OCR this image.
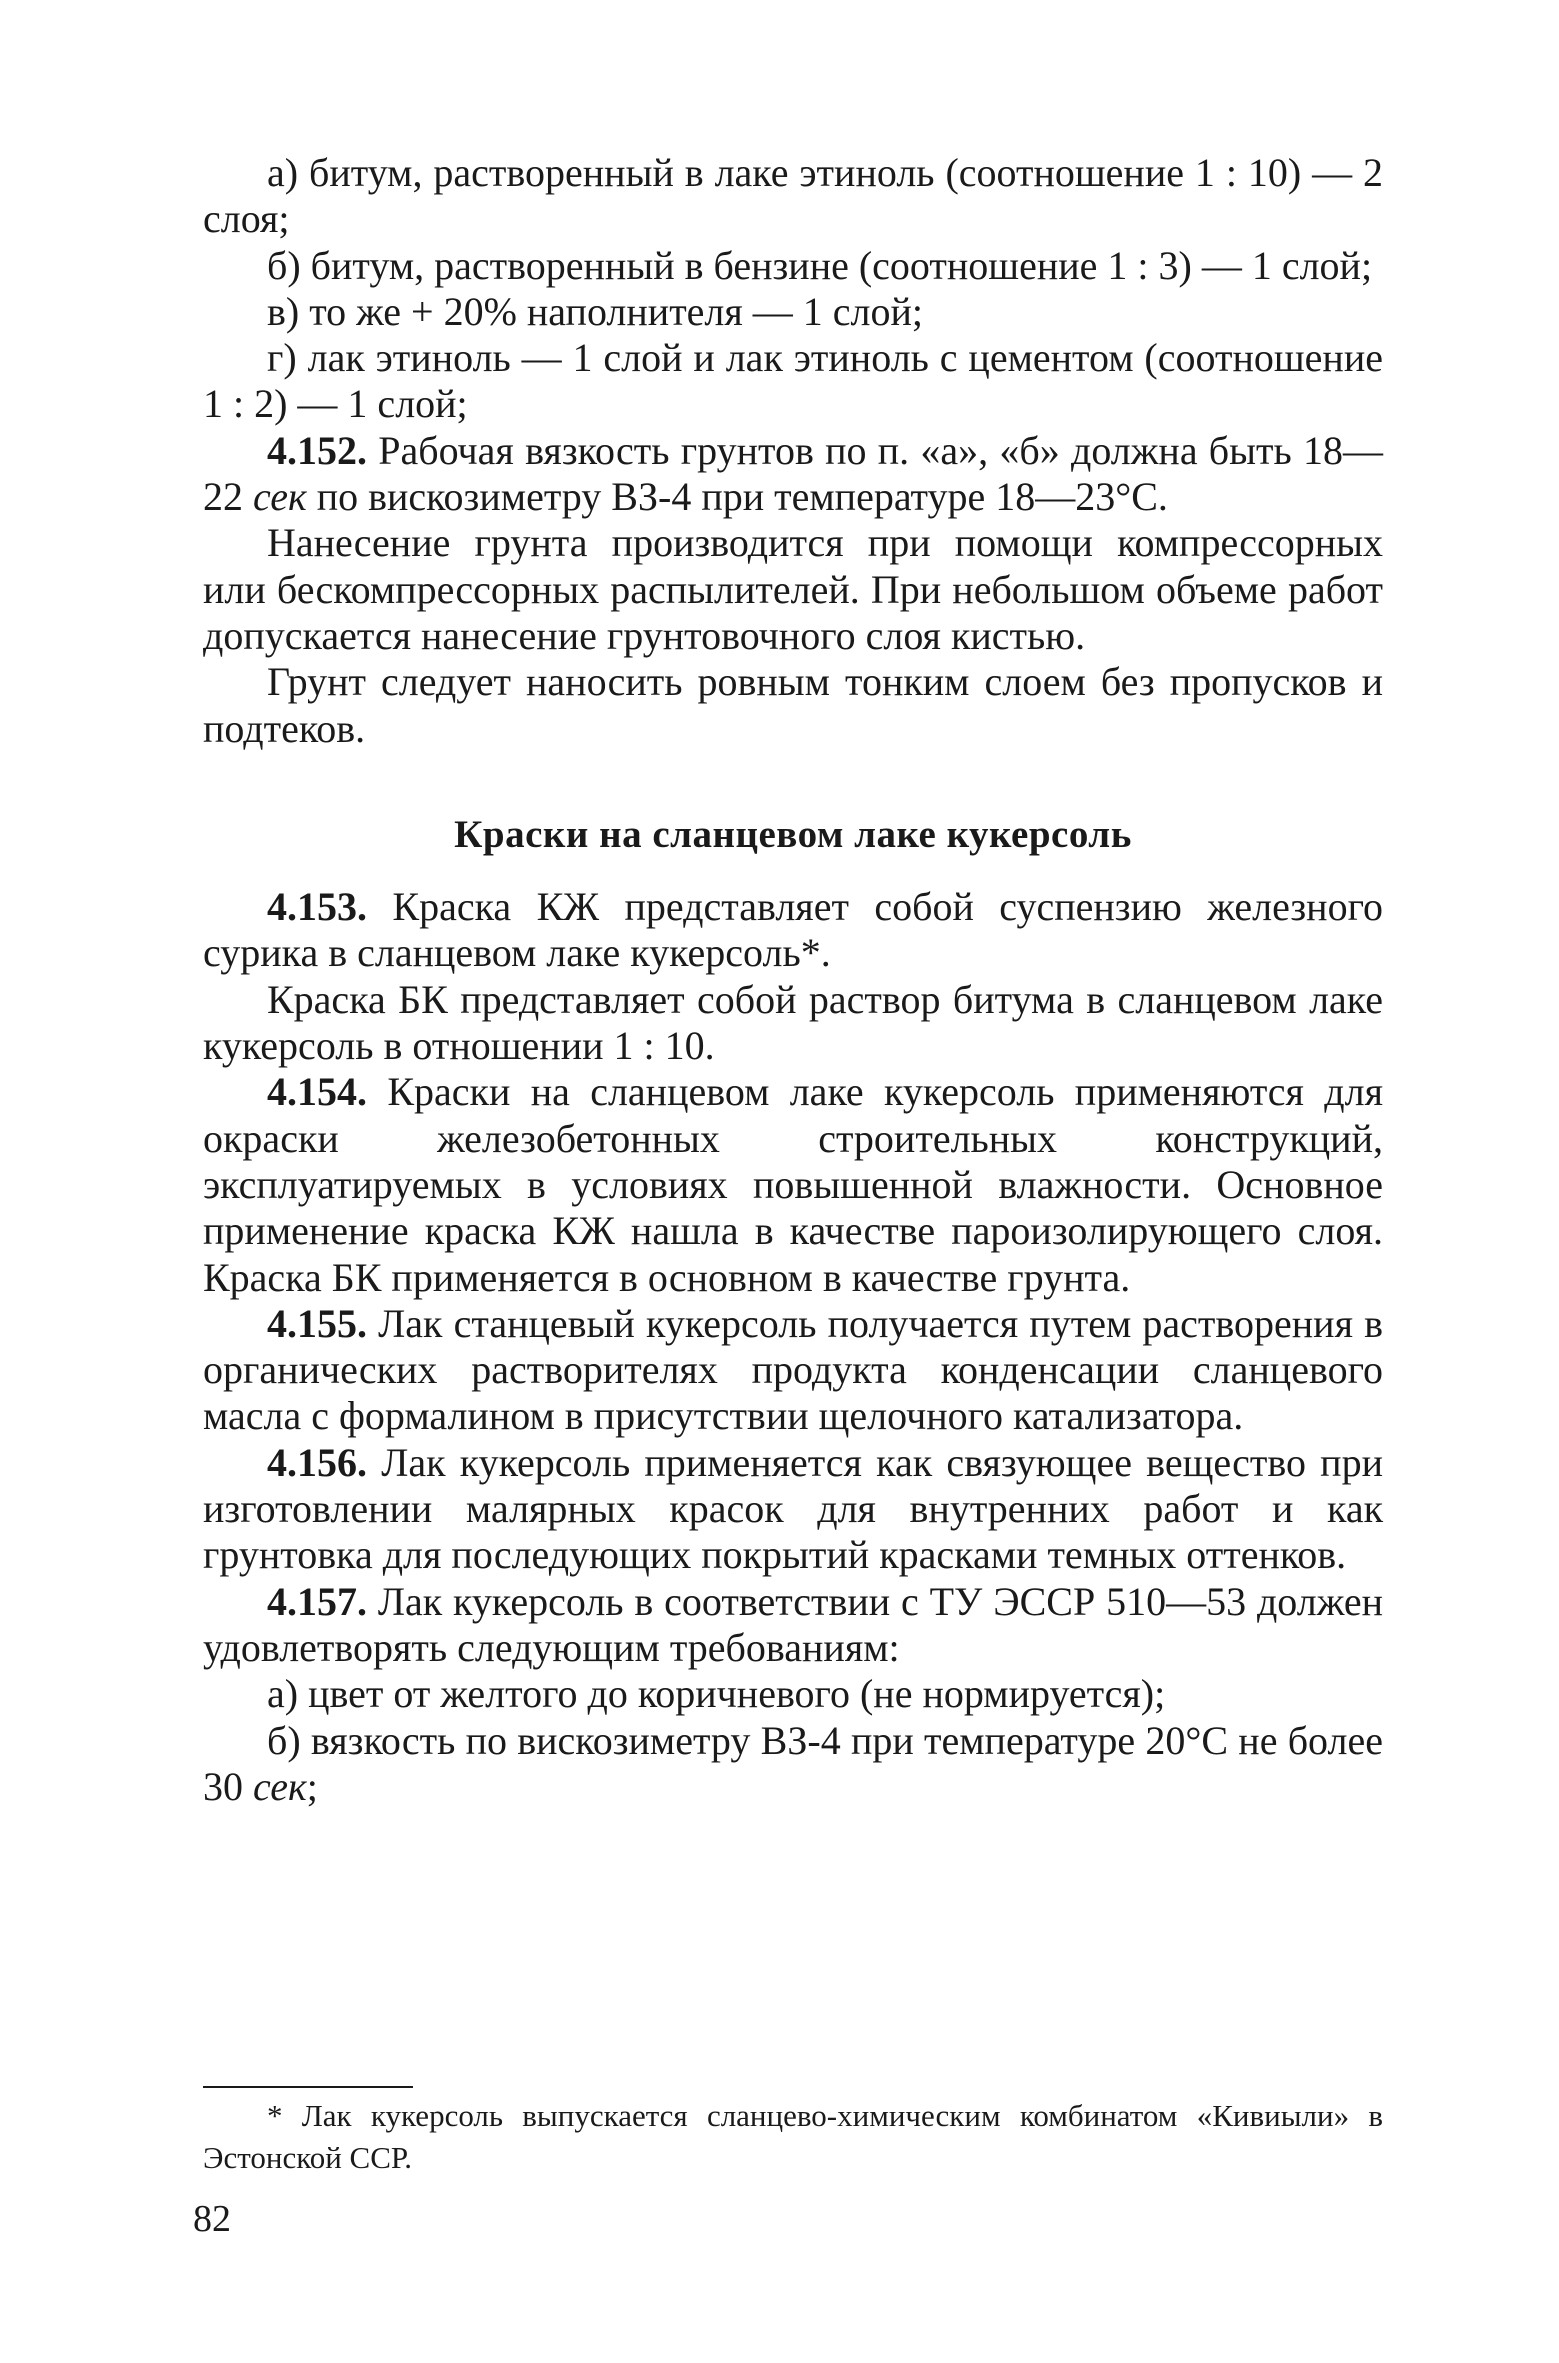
а) битум, растворенный в лаке этиноль (соотношение 1 : 10) — 2 слоя;

б) битум, растворенный в бензине (соотношение 1 : 3) — 1 слой;

в) то же + 20% наполнителя — 1 слой;

г) лак этиноль — 1 слой и лак этиноль с цементом (соотношение 1 : 2) — 1 слой;

4.152. Рабочая вязкость грунтов по п. «а», «б» должна быть 18—22 сек по вискозиметру ВЗ-4 при температуре 18—23°С.

Нанесение грунта производится при помощи компрессорных или бескомпрессорных распылителей. При небольшом объеме работ допускается нанесение грунтовочного слоя кистью.

Грунт следует наносить ровным тонким слоем без пропусков и подтеков.

Краски на сланцевом лаке кукерсоль

4.153. Краска КЖ представляет собой суспензию железного сурика в сланцевом лаке кукерсоль*.

Краска БК представляет собой раствор битума в сланцевом лаке кукерсоль в отношении 1 : 10.

4.154. Краски на сланцевом лаке кукерсоль применяются для окраски железобетонных строительных конструкций, эксплуатируемых в условиях повышенной влажности. Основное применение краска КЖ нашла в качестве пароизолирующего слоя. Краска БК применяется в основном в качестве грунта.

4.155. Лак станцевый кукерсоль получается путем растворения в органических растворителях продукта конденсации сланцевого масла с формалином в присутствии щелочного катализатора.

4.156. Лак кукерсоль применяется как связующее вещество при изготовлении малярных красок для внутренних работ и как грунтовка для последующих покрытий красками темных оттенков.

4.157. Лак кукерсоль в соответствии с ТУ ЭССР 510—53 должен удовлетворять следующим требованиям:

а) цвет от желтого до коричневого (не нормируется);

б) вязкость по вискозиметру ВЗ-4 при температуре 20°С не более 30 сек;

* Лак кукерсоль выпускается сланцево-химическим комбинатом «Кивиыли» в Эстонской ССР.

82
